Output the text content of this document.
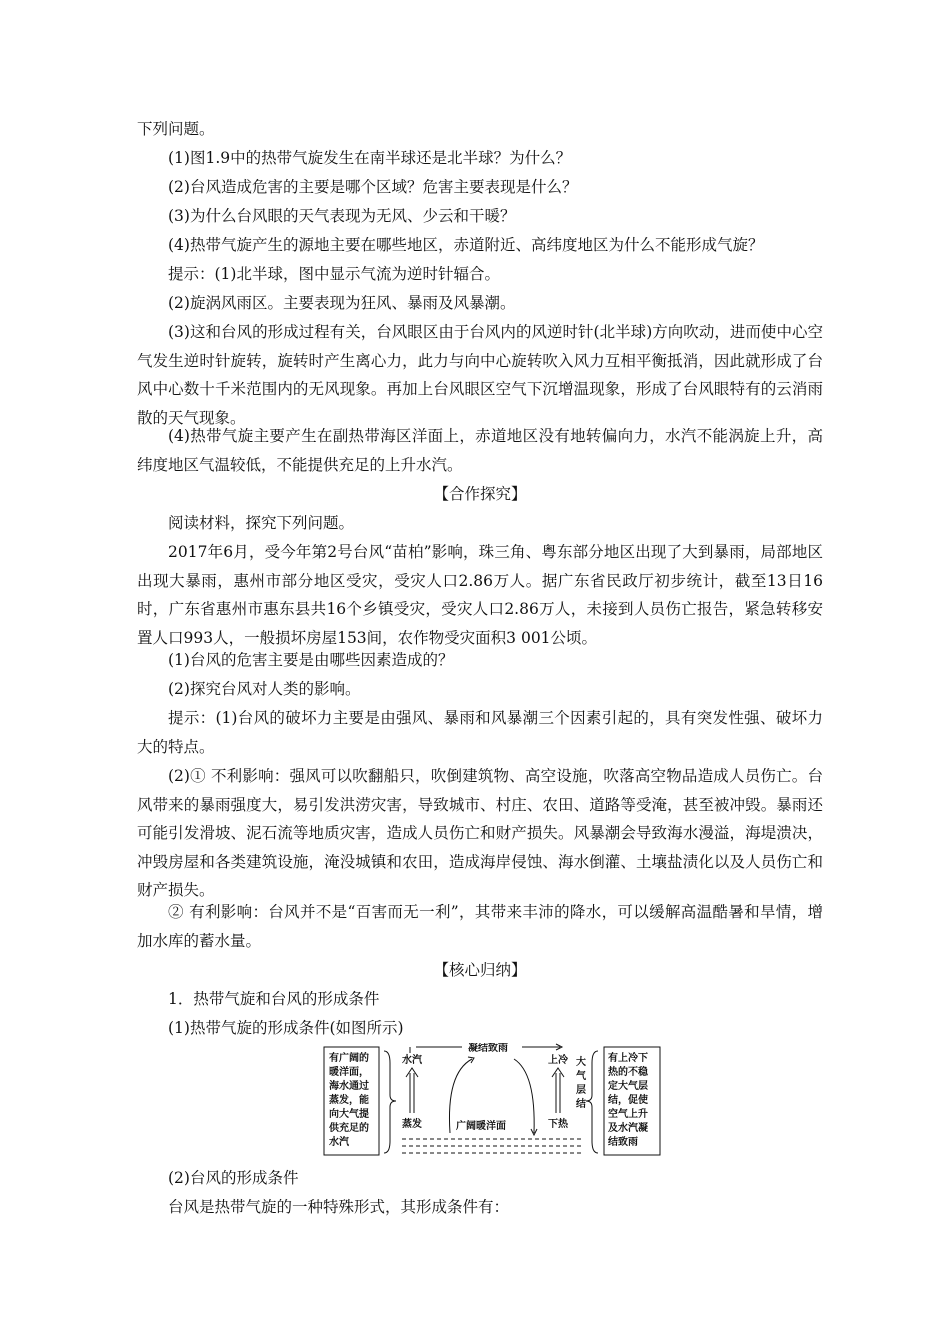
下列问题。

(1)图1.9中的热带气旋发生在南半球还是北半球？为什么？

(2)台风造成危害的主要是哪个区域？危害主要表现是什么？

(3)为什么台风眼的天气表现为无风、少云和干暖？

(4)热带气旋产生的源地主要在哪些地区，赤道附近、高纬度地区为什么不能形成气旋？

提示：(1)北半球，图中显示气流为逆时针辐合。

(2)旋涡风雨区。主要表现为狂风、暴雨及风暴潮。

(3)这和台风的形成过程有关，台风眼区由于台风内的风逆时针(北半球)方向吹动，进而使中心空气发生逆时针旋转，旋转时产生离心力，此力与向中心旋转吹入风力互相平衡抵消，因此就形成了台风中心数十千米范围内的无风现象。再加上台风眼区空气下沉增温现象，形成了台风眼特有的云消雨散的天气现象。

(4)热带气旋主要产生在副热带海区洋面上，赤道地区没有地转偏向力，水汽不能涡旋上升，高纬度地区气温较低，不能提供充足的上升水汽。

【合作探究】

阅读材料，探究下列问题。

2017年6月，受今年第2号台风“苗柏”影响，珠三角、粤东部分地区出现了大到暴雨，局部地区出现大暴雨，惠州市部分地区受灾，受灾人口2.86万人。据广东省民政厅初步统计，截至13日16时，广东省惠州市惠东县共16个乡镇受灾，受灾人口2.86万人，未接到人员伤亡报告，紧急转移安置人口993人，一般损坏房屋153间，农作物受灾面积3 001公顷。

(1)台风的危害主要是由哪些因素造成的？

(2)探究台风对人类的影响。

提示：(1)台风的破坏力主要是由强风、暴雨和风暴潮三个因素引起的，具有突发性强、破坏力大的特点。

(2)① 不利影响：强风可以吹翻船只，吹倒建筑物、高空设施，吹落高空物品造成人员伤亡。台风带来的暴雨强度大，易引发洪涝灾害，导致城市、村庄、农田、道路等受淹，甚至被冲毁。暴雨还可能引发滑坡、泥石流等地质灾害，造成人员伤亡和财产损失。风暴潮会导致海水漫溢，海堤溃决，冲毁房屋和各类建筑设施，淹没城镇和农田，造成海岸侵蚀、海水倒灌、土壤盐渍化以及人员伤亡和财产损失。

② 有利影响：台风并不是“百害而无一利”，其带来丰沛的降水，可以缓解高温酷暑和旱情，增加水库的蓄水量。

【核心归纳】

1．热带气旋和台风的形成条件

(1)热带气旋的形成条件(如图所示)

有广阔的
暖洋面，
海水通过
蒸发，能
向大气提
供充足的
水汽
水汽
蒸发
凝结致雨
广阔暖洋面
上冷
下热
大
气
层
结
有上冷下
热的不稳
定大气层
结，促使
空气上升
及水汽凝
结致雨

(2)台风的形成条件

台风是热带气旋的一种特殊形式，其形成条件有：
